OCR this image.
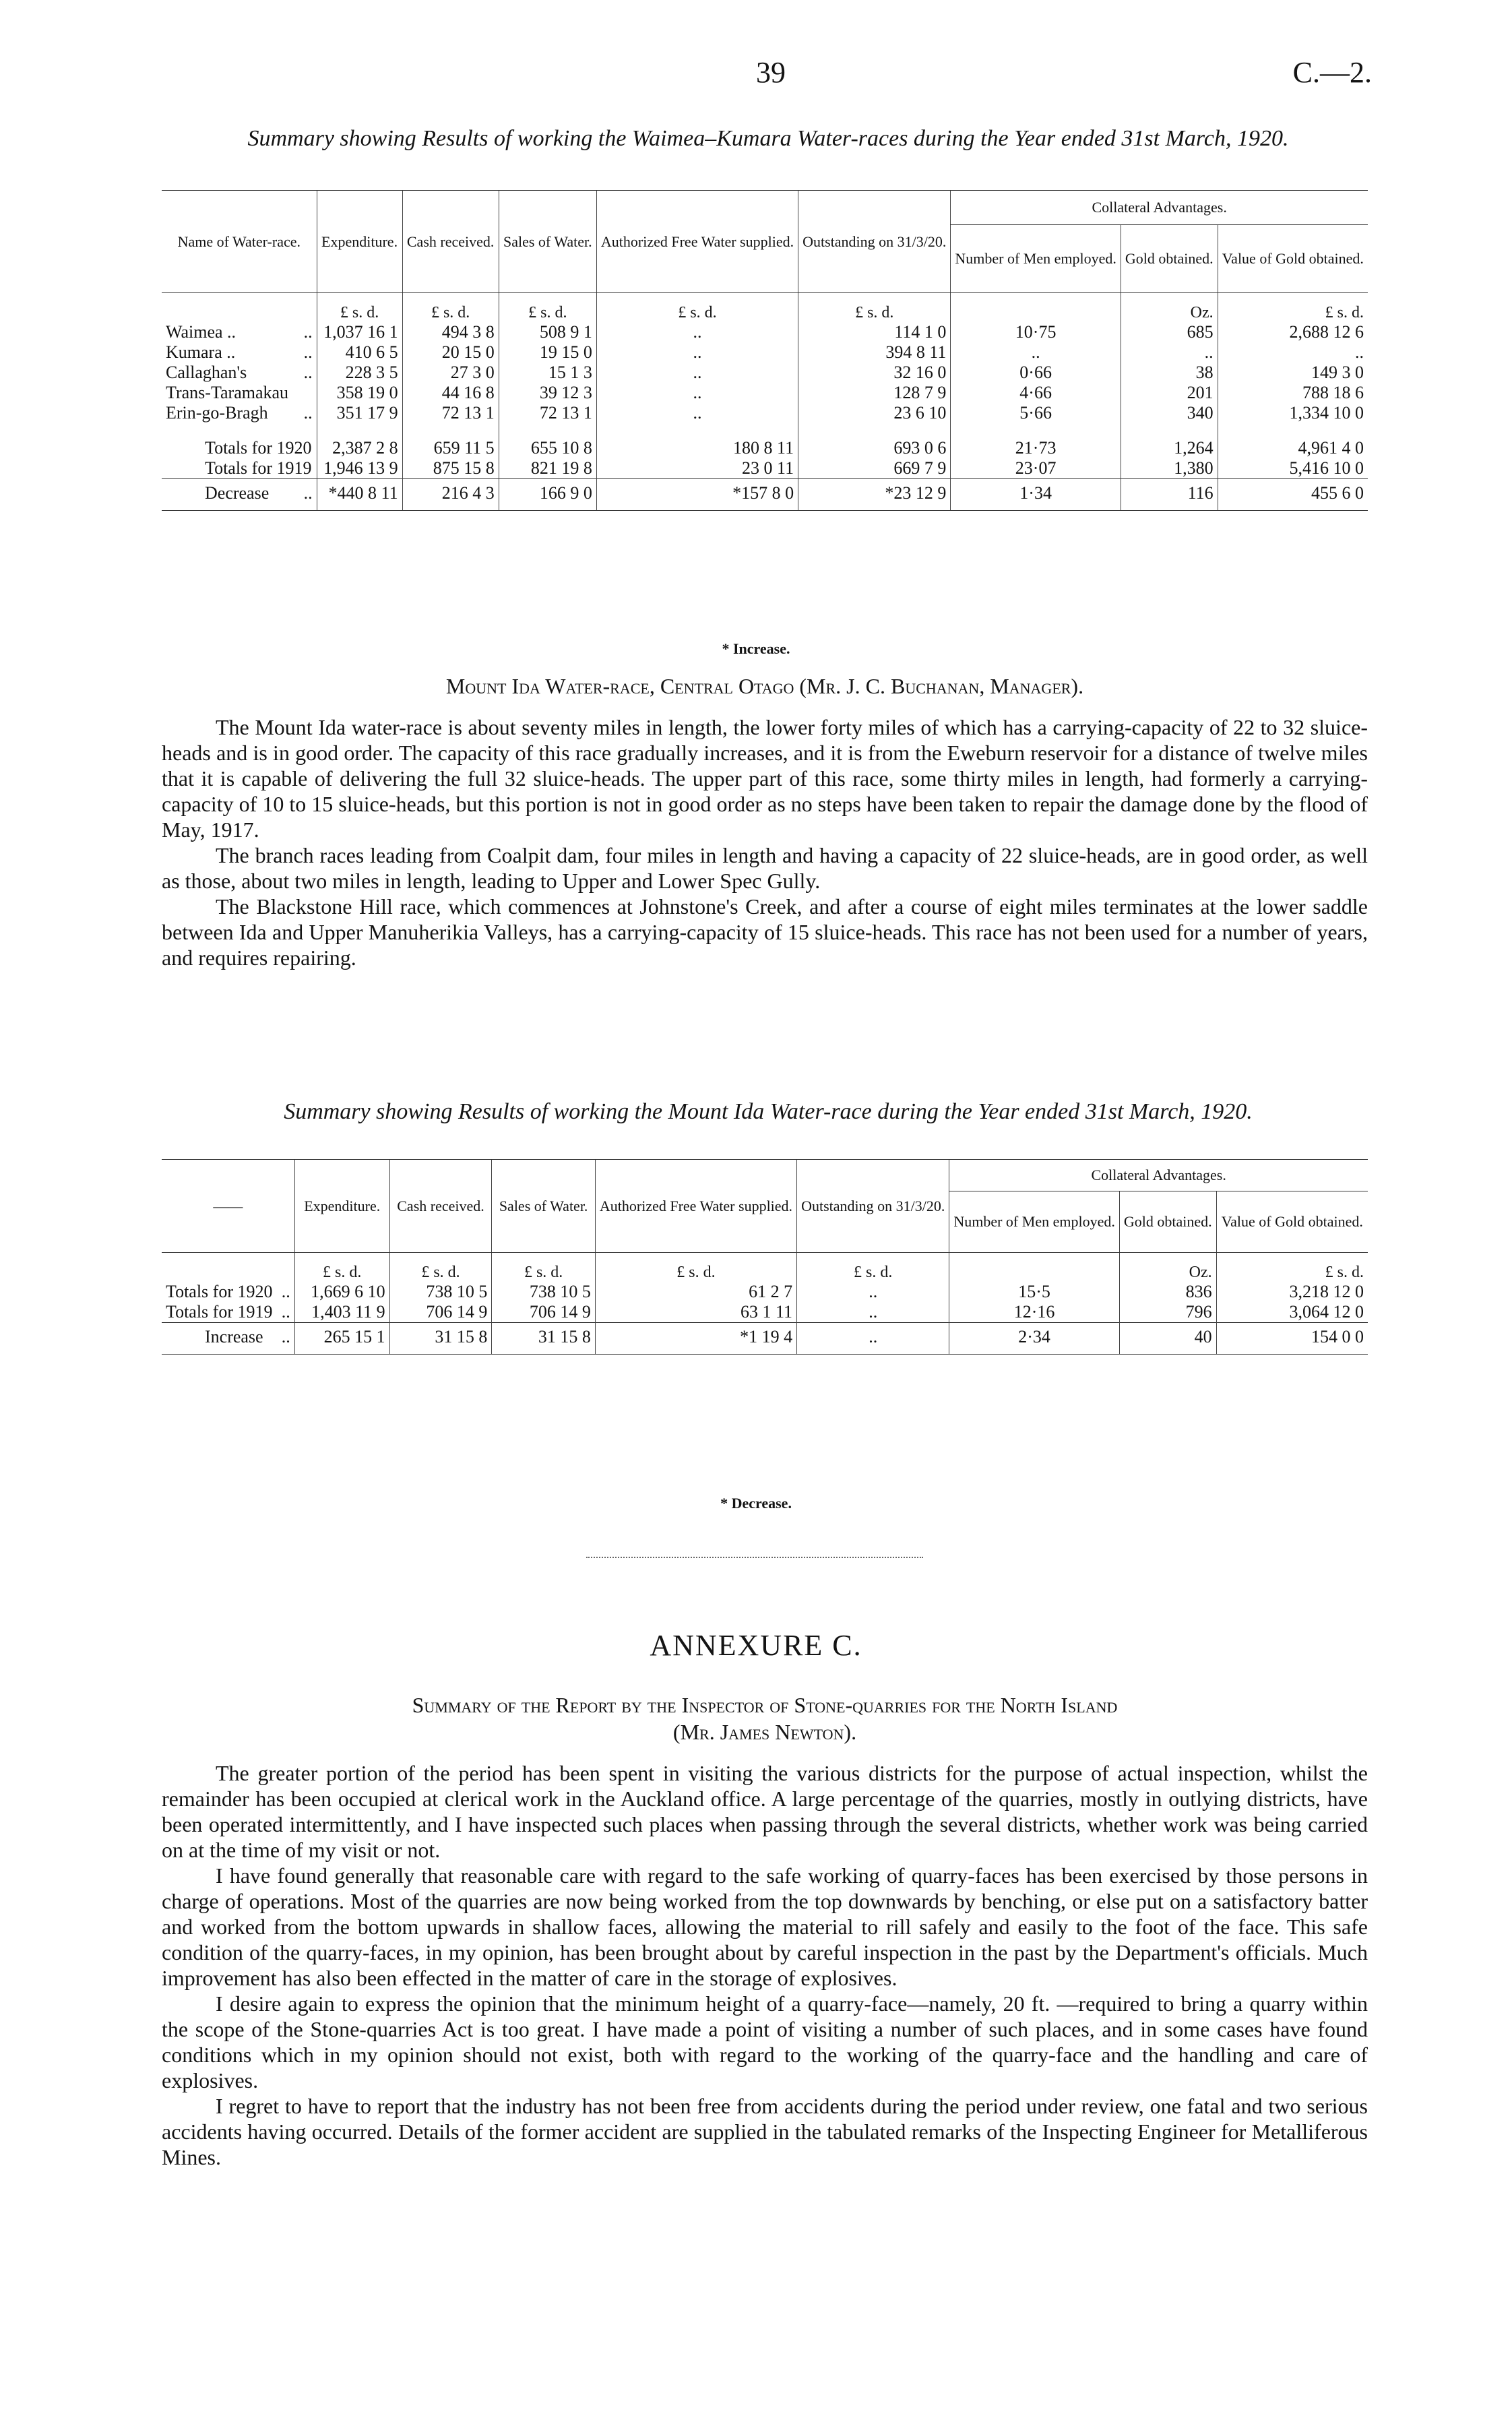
39	C.—2.
Summary showing Results of working the Waimea–Kumara Water-races during the Year ended 31st March, 1920.
Name of Water-race.	Expenditure.	Cash received.	Sales of Water.	Authorized Free Water supplied.	Outstanding on 31/3/20.	Collateral Advantages.		
						Number of Men employed.	Gold obtained.	Value of Gold obtained.
	£ s. d.	£ s. d.	£ s. d.	£ s. d.	£ s. d.		Oz.	£ s. d.
Waimea .. ..	1,037 16 1	494 3 8	508 9 1	..	114 1 0	10·75	685	2,688 12 6
Kumara .. ..	410 6 5	20 15 0	19 15 0	..	394 8 11	..	..	..
Callaghan's ..	228 3 5	27 3 0	15 1 3	..	32 16 0	0·66	38	149 3 0
Trans-Taramakau	358 19 0	44 16 8	39 12 3	..	128 7 9	4·66	201	788 18 6
Erin-go-Bragh ..	351 17 9	72 13 1	72 13 1	..	23 6 10	5·66	340	1,334 10 0

Totals for 1920	2,387 2 8	659 11 5	655 10 8	180 8 11	693 0 6	21·73	1,264	4,961 4 0
Totals for 1919	1,946 13 9	875 15 8	821 19 8	23 0 11	669 7 9	23·07	1,380	5,416 10 0
Decrease ..	*440 8 11	216 4 3	166 9 0	*157 8 0	*23 12 9	1·34	116	455 6 0
* Increase.
Mount Ida Water-race, Central Otago (Mr. J. C. Buchanan, Manager).

The Mount Ida water-race is about seventy miles in length, the lower forty miles of which has a carrying-capacity of 22 to 32 sluice-heads and is in good order. The capacity of this race gradually increases, and it is from the Eweburn reservoir for a distance of twelve miles that it is capable of delivering the full 32 sluice-heads. The upper part of this race, some thirty miles in length, had formerly a carrying-capacity of 10 to 15 sluice-heads, but this portion is not in good order as no steps have been taken to repair the damage done by the flood of May, 1917.

The branch races leading from Coalpit dam, four miles in length and having a capacity of 22 sluice-heads, are in good order, as well as those, about two miles in length, leading to Upper and Lower Spec Gully.

The Blackstone Hill race, which commences at Johnstone's Creek, and after a course of eight miles terminates at the lower saddle between Ida and Upper Manuherikia Valleys, has a carrying-capacity of 15 sluice-heads. This race has not been used for a number of years, and requires repairing.

Summary showing Results of working the Mount Ida Water-race during the Year ended 31st March, 1920.
——	Expenditure.	Cash received.	Sales of Water.	Authorized Free Water supplied.	Outstanding on 31/3/20.	Collateral Advantages.		
						Number of Men employed.	Gold obtained.	Value of Gold obtained.
	£ s. d.	£ s. d.	£ s. d.	£ s. d.	£ s. d.		Oz.	£ s. d.
Totals for 1920 ..	1,669 6 10	738 10 5	738 10 5	61 2 7	..	15·5	836	3,218 12 0
Totals for 1919 ..	1,403 11 9	706 14 9	706 14 9	63 1 11	..	12·16	796	3,064 12 0
Increase ..	265 15 1	31 15 8	31 15 8	*1 19 4	..	2·34	40	154 0 0
* Decrease.
ANNEXURE C.
Summary of the Report by the Inspector of Stone-quarries for the North Island
(Mr. James Newton).

The greater portion of the period has been spent in visiting the various districts for the purpose of actual inspection, whilst the remainder has been occupied at clerical work in the Auckland office. A large percentage of the quarries, mostly in outlying districts, have been operated intermittently, and I have inspected such places when passing through the several districts, whether work was being carried on at the time of my visit or not.

I have found generally that reasonable care with regard to the safe working of quarry-faces has been exercised by those persons in charge of operations. Most of the quarries are now being worked from the top downwards by benching, or else put on a satisfactory batter and worked from the bottom upwards in shallow faces, allowing the material to rill safely and easily to the foot of the face. This safe condition of the quarry-faces, in my opinion, has been brought about by careful inspection in the past by the Department's officials. Much improvement has also been effected in the matter of care in the storage of explosives.

I desire again to express the opinion that the minimum height of a quarry-face—namely, 20 ft. —required to bring a quarry within the scope of the Stone-quarries Act is too great. I have made a point of visiting a number of such places, and in some cases have found conditions which in my opinion should not exist, both with regard to the working of the quarry-face and the handling and care of explosives.

I regret to have to report that the industry has not been free from accidents during the period under review, one fatal and two serious accidents having occurred. Details of the former accident are supplied in the tabulated remarks of the Inspecting Engineer for Metalliferous Mines.
